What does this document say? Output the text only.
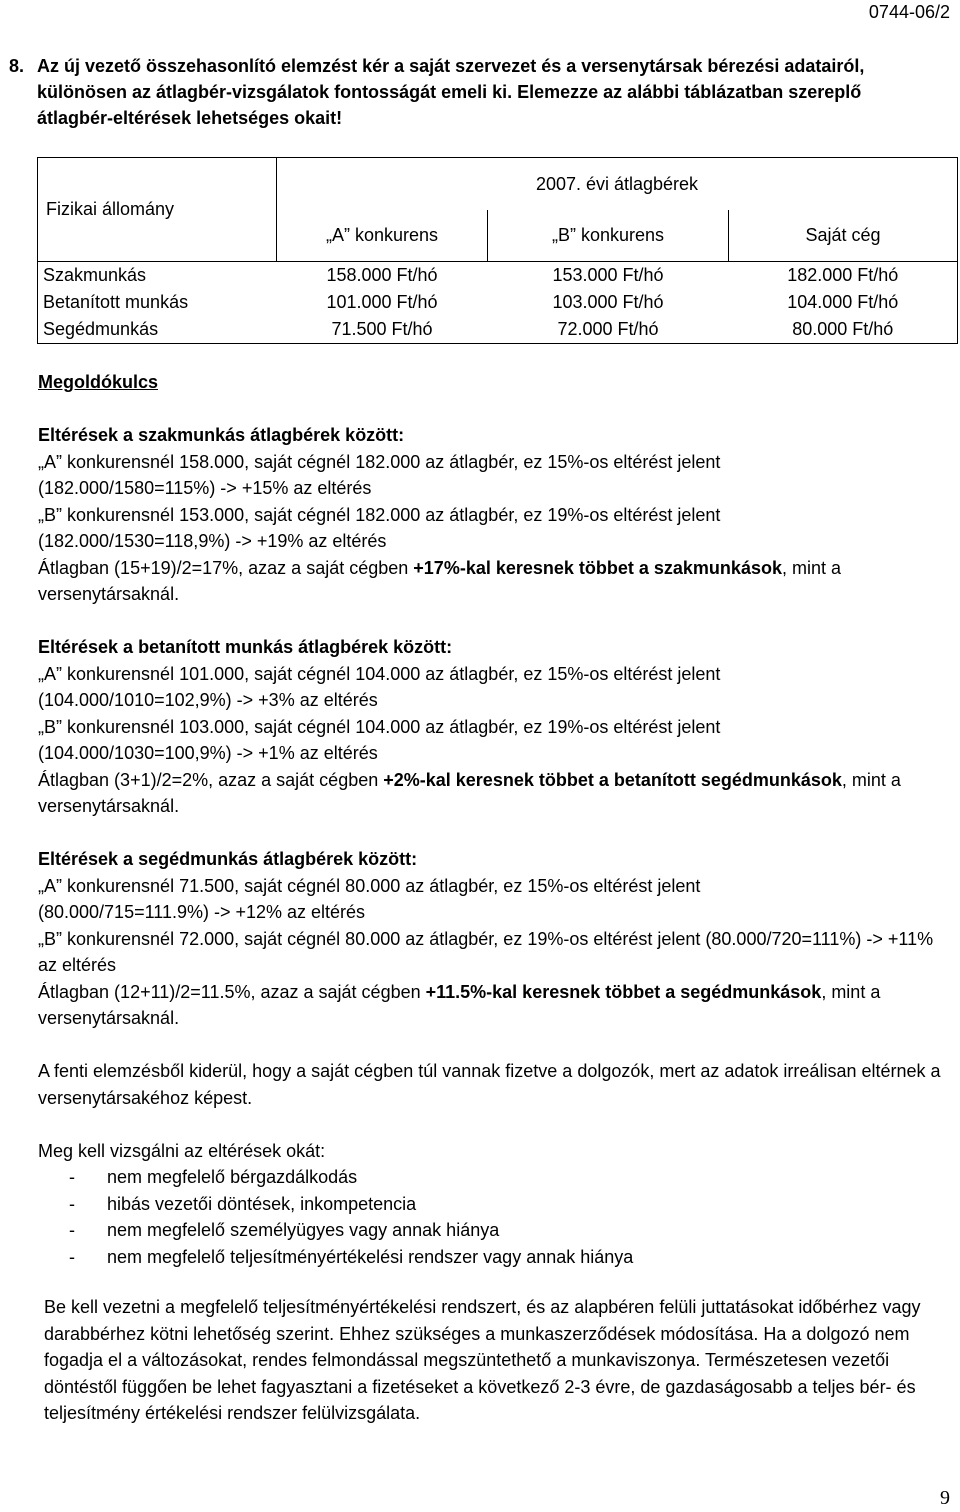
0744-06/2
8. Az új vezető összehasonlító elemzést kér a saját szervezet és a versenytársak bérezési adatairól, különösen az átlagbér-vizsgálatok fontosságát emeli ki. Elemezze az alábbi táblázatban szereplő átlagbér-eltérések lehetséges okait!
Fizikai állomány	2007. évi átlagbérek		
	„A” konkurens	„B” konkurens	Saját cég
Szakmunkás	158.000 Ft/hó	153.000 Ft/hó	182.000 Ft/hó
Betanított munkás	101.000 Ft/hó	103.000 Ft/hó	104.000 Ft/hó
Segédmunkás	71.500 Ft/hó	72.000 Ft/hó	80.000 Ft/hó

Megoldókulcs

Eltérések a szakmunkás átlagbérek között:

„A” konkurensnél 158.000, saját cégnél 182.000 az átlagbér, ez 15%-os eltérést jelent

(182.000/1580=115%) -> +15% az eltérés

„B” konkurensnél 153.000, saját cégnél 182.000 az átlagbér, ez 19%-os eltérést jelent

(182.000/1530=118,9%) -> +19% az eltérés

Átlagban (15+19)/2=17%, azaz a saját cégben +17%-kal keresnek többet a szakmunkások, mint a versenytársaknál.

Eltérések a betanított munkás átlagbérek között:

„A” konkurensnél 101.000, saját cégnél 104.000 az átlagbér, ez 15%-os eltérést jelent

(104.000/1010=102,9%) -> +3% az eltérés

„B” konkurensnél 103.000, saját cégnél 104.000 az átlagbér, ez 19%-os eltérést jelent

(104.000/1030=100,9%) -> +1% az eltérés

Átlagban (3+1)/2=2%, azaz a saját cégben +2%-kal keresnek többet a betanított segédmunkások, mint a versenytársaknál.

Eltérések a segédmunkás átlagbérek között:

„A” konkurensnél 71.500, saját cégnél 80.000 az átlagbér, ez 15%-os eltérést jelent

(80.000/715=111.9%) -> +12% az eltérés

„B” konkurensnél 72.000, saját cégnél 80.000 az átlagbér, ez 19%-os eltérést jelent (80.000/720=111%) -> +11% az eltérés

Átlagban (12+11)/2=11.5%, azaz a saját cégben +11.5%-kal keresnek többet a segédmunkások, mint a versenytársaknál.

A fenti elemzésből kiderül, hogy a saját cégben túl vannak fizetve a dolgozók, mert az adatok irreálisan eltérnek a versenytársakéhoz képest.

Meg kell vizsgálni az eltérések okát:

- nem megfelelő bérgazdálkodás
- hibás vezetői döntések, inkompetencia
- nem megfelelő személyügyes vagy annak hiánya
- nem megfelelő teljesítményértékelési rendszer vagy annak hiánya
Be kell vezetni a megfelelő teljesítményértékelési rendszert, és az alapbéren felüli juttatásokat időbérhez vagy darabbérhez kötni lehetőség szerint. Ehhez szükséges a munkaszerződések módosítása. Ha a dolgozó nem fogadja el a változásokat, rendes felmondással megszüntethető a munkaviszonya. Természetesen vezetői döntéstől függően be lehet fagyasztani a fizetéseket a következő 2-3 évre, de gazdaságosabb a teljes bér- és teljesítmény értékelési rendszer felülvizsgálata.
9
